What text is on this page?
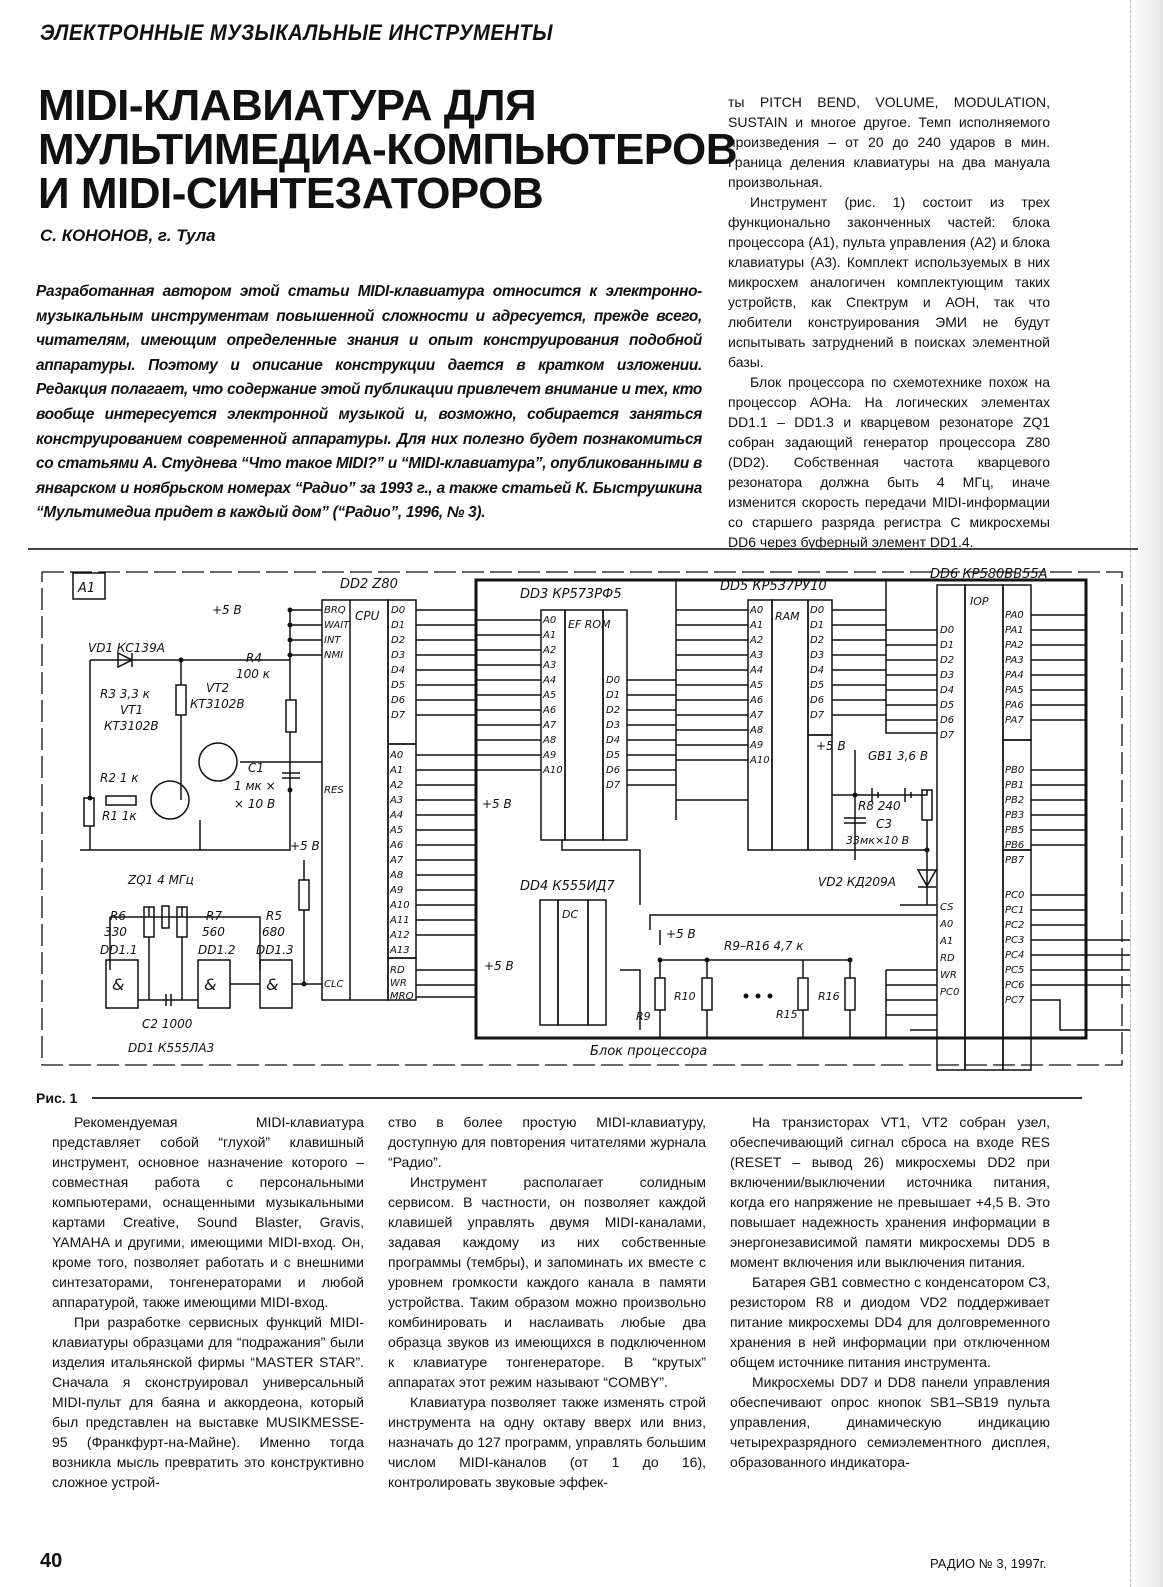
ЭЛЕКТРОННЫЕ МУЗЫКАЛЬНЫЕ ИНСТРУМЕНТЫ
MIDI-КЛАВИАТУРА ДЛЯ
МУЛЬТИМЕДИА-КОМПЬЮТЕРОВ
И MIDI-СИНТЕЗАТОРОВ
С. КОНОНОВ, г. Тула
Разработанная автором этой статьи MIDI-клавиатура относится к электронно-музыкальным инструментам повышенной сложности и адресуется, прежде всего, читателям, имеющим определенные знания и опыт конструирования подобной аппаратуры. Поэтому и описание конструкции дается в кратком изложении. Редакция полагает, что содержание этой публикации привлечет внимание и тех, кто вообще интересуется электронной музыкой и, возможно, собирается заняться конструированием современной аппаратуры. Для них полезно будет познакомиться со статьями А. Студнева “Что такое MIDI?” и “MIDI-клавиатура”, опубликованными в январском и ноябрьском номерах “Радио” за 1993 г., а также статьей К. Быструшкина “Мультимедиа придет в каждый дом” (“Радио”, 1996, № 3).

ты PITCH BEND, VOLUME, MODULATION, SUSTAIN и многое другое. Темп исполняемого произведения – от 20 до 240 ударов в мин. Граница деления клавиатуры на два мануала произвольная.

Инструмент (рис. 1) состоит из трех функционально законченных частей: блока процессора (А1), пульта управления (А2) и блока клавиатуры (А3). Комплект используемых в них микросхем аналогичен комплектующим таких устройств, как Спектрум и АОН, так что любители конструирования ЭМИ не будут испытывать затруднений в поисках элементной базы.

Блок процессора по схемотехнике похож на процессор АОНа. На логических элементах DD1.1 – DD1.3 и кварцевом резонаторе ZQ1 собран задающий генератор процессора Z80 (DD2). Собственная частота кварцевого резонатора должна быть 4 МГц, иначе изменится скорость передачи MIDI-информации со старшего разряда регистра С микросхемы DD6 через буферный элемент DD1.4.

A1	DD2 Z80
CPU
DD3 КР573РФ5
EF ROM
DD5 КР537РУ10
RAM
DD6 КР580ВВ55А
IOP
DD4 К555ИД7
DC
VD1 КС139А
R3 3,3 к
VT1
КТ3102В
VT2
КТ3102В
R4
100 к
R2 1 к
R1 1к
C1
1 мк ×
× 10 В
ZQ1 4 МГц
R6
330
R7
560
R5
680
DD1.1	DD1.2 DD1.3
C2 1000
DD1 К555ЛА3
+5 В
+5 В
+5 В
+5 В
+5 В
+5 В
GB1 3,6 В
R8 240
C3
33мк×10 В
VD2 КД209А
R9–R16 4,7 к
R9
R10
R15
R16
&	&	&
Блок процессора
D0
D1
D2
D3
D4
D5
D6
D7
A0
A1
A2
A3
A4
A5
A6
A7
A8
A9
A10
A11
A12
A13
BRQ
WAIT
INT
NMI
RES
CLC
RD
WR
MRQ
A0
A1
A2
A3
A4
A5
A6
A7
A8
A9
A10
D0
D1
D2
D3
D4
D5
D6
D7
A0
A1
A2
A3
A4
A5
A6
A7
A8
A9
A10
D0
D1
D2
D3
D4
D5
D6
D7
D0
D1
D2
D3
D4
D5
D6
D7
PA0
PA1
PA2
PA3
PA4
PA5
PA6
PA7
PB0
PB1
PB2
PB3
PB5
PB6
PB7
PC0
PC1
PC2
PC3
PC4
PC5
PC6
PC7
CS
A0
A1
RD
WR
PC0
Рис. 1

Рекомендуемая MIDI-клавиатура представляет собой “глухой” клавишный инструмент, основное назначение которого – совместная работа с персональными компьютерами, оснащенными музыкальными картами Creative, Sound Blaster, Gravis, YAMAHA и другими, имеющими MIDI-вход. Он, кроме того, позволяет работать и с внешними синтезаторами, тонгенераторами и любой аппаратурой, также имеющими MIDI-вход.

При разработке сервисных функций MIDI-клавиатуры образцами для “подражания” были изделия итальянской фирмы “MASTER STAR”. Сначала я сконструировал универсальный MIDI-пульт для баяна и аккордеона, который был представлен на выставке MUSIKMESSE-95 (Франкфурт-на-Майне). Именно тогда возникла мысль превратить это конструктивно сложное устрой-

ство в более простую MIDI-клавиатуру, доступную для повторения читателями журнала “Радио”.

Инструмент располагает солидным сервисом. В частности, он позволяет каждой клавишей управлять двумя MIDI-каналами, задавая каждому из них собственные программы (тембры), и запоминать их вместе с уровнем громкости каждого канала в памяти устройства. Таким образом можно произвольно комбинировать и наслаивать любые два образца звуков из имеющихся в подключенном к клавиатуре тонгенераторе. В “крутых” аппаратах этот режим называют “COMBY”.

Клавиатура позволяет также изменять строй инструмента на одну октаву вверх или вниз, назначать до 127 программ, управлять большим числом MIDI-каналов (от 1 до 16), контролировать звуковые эффек-

На транзисторах VT1, VT2 собран узел, обеспечивающий сигнал сброса на входе RES (RESET – вывод 26) микросхемы DD2 при включении/выключении источника питания, когда его напряжение не превышает +4,5 В. Это повышает надежность хранения информации в энергонезависимой памяти микросхемы DD5 в момент включения или выключения питания.

Батарея GB1 совместно с конденсатором C3, резистором R8 и диодом VD2 поддерживает питание микросхемы DD4 для долговременного хранения в ней информации при отключенном общем источнике питания инструмента.

Микросхемы DD7 и DD8 панели управления обеспечивают опрос кнопок SB1–SB19 пульта управления, динамическую индикацию четырехразрядного семиэлементного дисплея, образованного индикатора-

40	РАДИО № 3, 1997г.
